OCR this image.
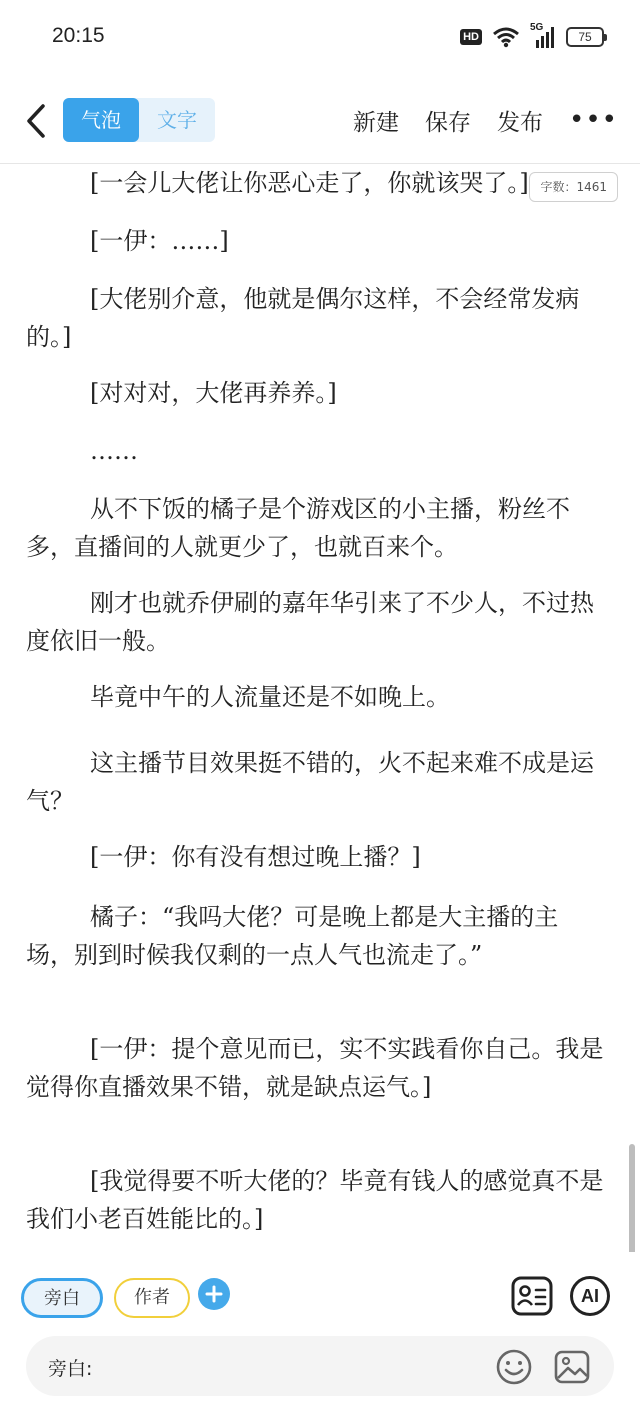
20:15	HD
5G
75
气泡	文字	新建 保存 发布 •••

[一会儿大佬让你恶心走了，你就该哭了。]

[一伊：……]

[大佬别介意，他就是偶尔这样，不会经常发病的。]

[对对对，大佬再养养。]

……

从不下饭的橘子是个游戏区的小主播，粉丝不多，直播间的人就更少了，也就百来个。

刚才也就乔伊刷的嘉年华引来了不少人，不过热度依旧一般。

毕竟中午的人流量还是不如晚上。

这主播节目效果挺不错的，火不起来难不成是运气？

[一伊：你有没有想过晚上播？]

橘子：“我吗大佬？可是晚上都是大主播的主场，别到时候我仅剩的一点人气也流走了。”

[一伊：提个意见而已，实不实践看你自己。我是觉得你直播效果不错，就是缺点运气。]

[我觉得要不听大佬的？毕竟有钱人的感觉真不是我们小老百姓能比的。]

字数：1461
旁白	作者	AI
旁白:
